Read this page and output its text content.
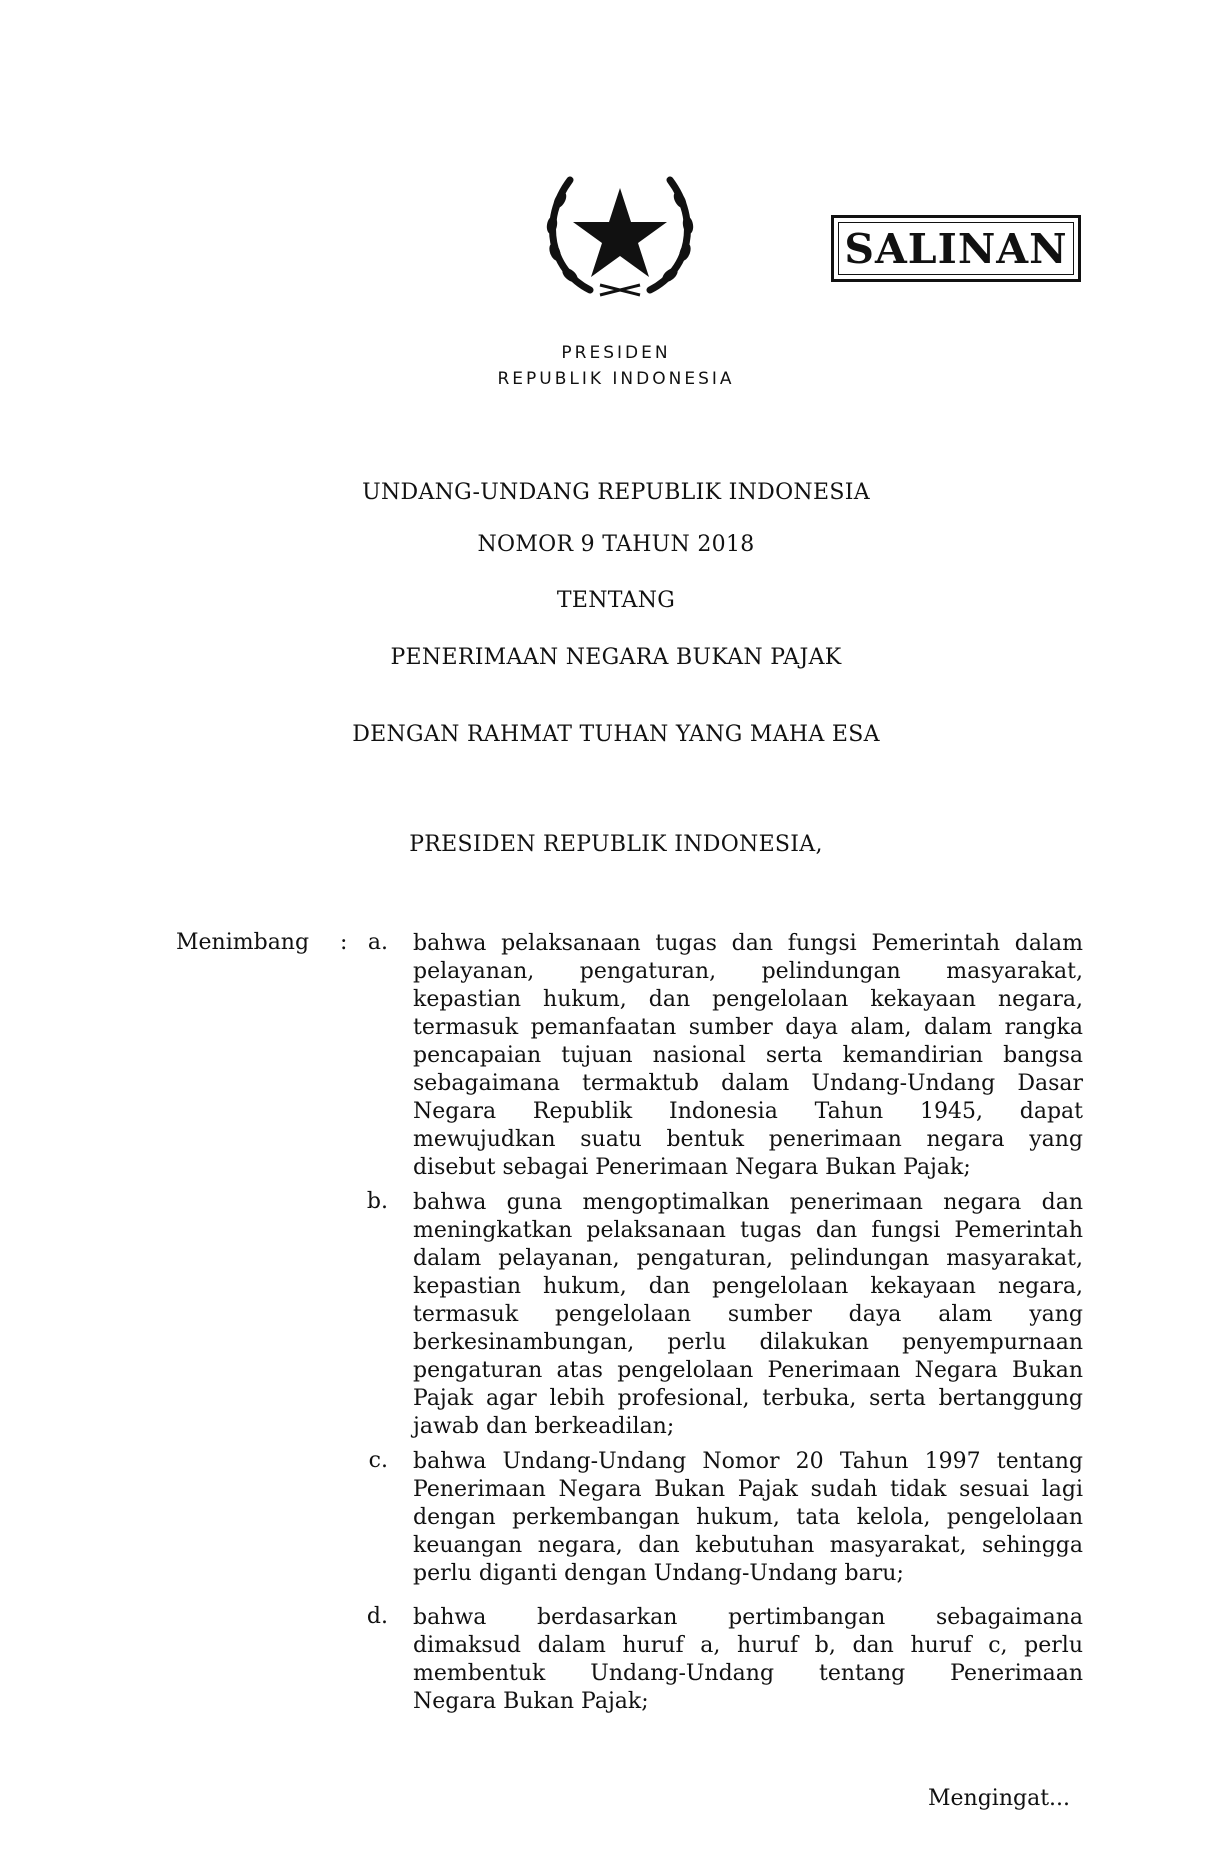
SALINAN
PRESIDEN
REPUBLIK INDONESIA
UNDANG-UNDANG REPUBLIK INDONESIA
NOMOR 9 TAHUN 2018
TENTANG
PENERIMAAN NEGARA BUKAN PAJAK
DENGAN RAHMAT TUHAN YANG MAHA ESA
PRESIDEN REPUBLIK INDONESIA,
Menimbang : a. bahwa pelaksanaan tugas dan fungsi Pemerintah dalam
pelayanan, pengaturan, pelindungan masyarakat,
kepastian hukum, dan pengelolaan kekayaan negara,
termasuk pemanfaatan sumber daya alam, dalam rangka
pencapaian tujuan nasional serta kemandirian bangsa
sebagaimana termaktub dalam Undang-Undang Dasar
Negara Republik Indonesia Tahun 1945, dapat
mewujudkan suatu bentuk penerimaan negara yang
disebut sebagai Penerimaan Negara Bukan Pajak;
b. bahwa guna mengoptimalkan penerimaan negara dan
meningkatkan pelaksanaan tugas dan fungsi Pemerintah
dalam pelayanan, pengaturan, pelindungan masyarakat,
kepastian hukum, dan pengelolaan kekayaan negara,
termasuk pengelolaan sumber daya alam yang
berkesinambungan, perlu dilakukan penyempurnaan
pengaturan atas pengelolaan Penerimaan Negara Bukan
Pajak agar lebih profesional, terbuka, serta bertanggung
jawab dan berkeadilan;
c. bahwa Undang-Undang Nomor 20 Tahun 1997 tentang
Penerimaan Negara Bukan Pajak sudah tidak sesuai lagi
dengan perkembangan hukum, tata kelola, pengelolaan
keuangan negara, dan kebutuhan masyarakat, sehingga
perlu diganti dengan Undang-Undang baru;
d. bahwa berdasarkan pertimbangan sebagaimana
dimaksud dalam huruf a, huruf b, dan huruf c, perlu
membentuk Undang-Undang tentang Penerimaan
Negara Bukan Pajak;
Mengingat...
